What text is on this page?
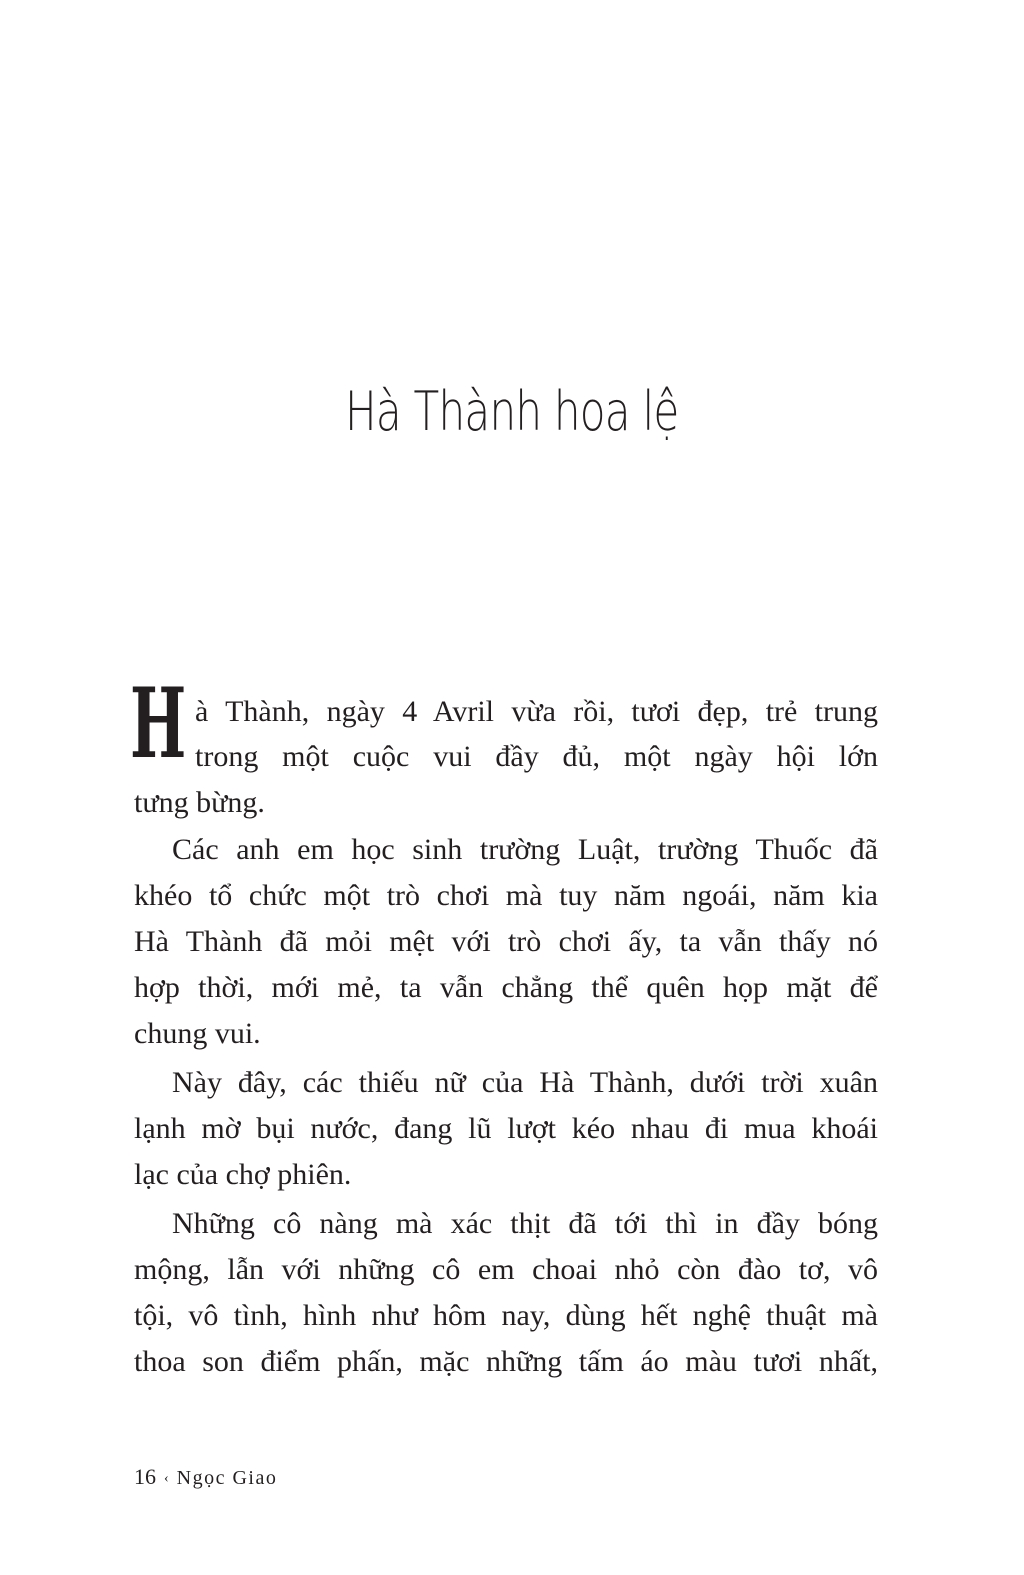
Hà Thành hoa lệ
H à Thành, ngày 4 Avril vừa rồi, tươi đẹp, trẻ trung
trong một cuộc vui đầy đủ, một ngày hội lớn
tưng bừng.
Các anh em học sinh trường Luật, trường Thuốc đã
khéo tổ chức một trò chơi mà tuy năm ngoái, năm kia
Hà Thành đã mỏi mệt với trò chơi ấy, ta vẫn thấy nó
hợp thời, mới mẻ, ta vẫn chẳng thể quên họp mặt để
chung vui.
Này đây, các thiếu nữ của Hà Thành, dưới trời xuân
lạnh mờ bụi nước, đang lũ lượt kéo nhau đi mua khoái
lạc của chợ phiên.
Những cô nàng mà xác thịt đã tới thì in đầy bóng
mộng, lẫn với những cô em choai nhỏ còn đào tơ, vô
tội, vô tình, hình như hôm nay, dùng hết nghệ thuật mà
thoa son điểm phấn, mặc những tấm áo màu tươi nhất,
16 ‹ Ngọc Giao
